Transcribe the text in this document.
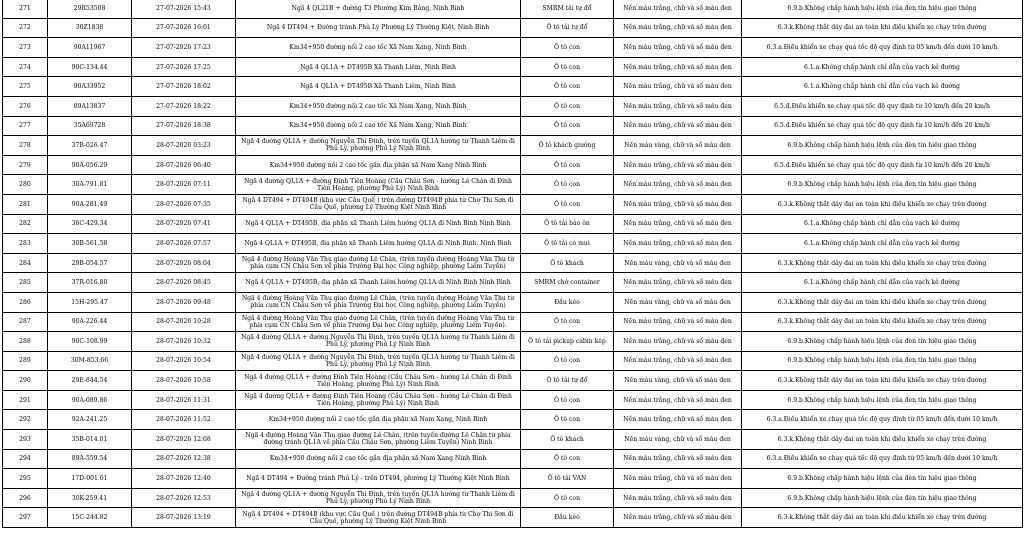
271	29R53508	27-07-2026 15:43	Ngã 4 QL21B + đường T3 Phường Kim Bảng, Ninh Bình	SMRM tải tự đổ	Nền màu trắng, chữ và số màu đen	6.9.b.Không chấp hành hiệu lệnh của đèn tín hiệu giao thông
272	30Z1838	27-07-2026 16:01	Ngã 4 DT494 + Đường tránh Phủ Lý Phường Lý Thường Kiệt, Ninh Bình	Ô tô tải tự đổ	Nền màu trắng, chữ và số màu đen	6.3.k.Không thắt dây đai an toàn khi điều khiển xe chạy trên đường
273	90A11967	27-07-2026 17:23	Km34+950 đường nối 2 cao tốc Xã Nam Xang, Ninh Bình	Ô tô con	Nền màu trắng, chữ và số màu đen	6.3.a.Điều khiển xe chạy quá tốc độ quy định từ 05 km/h đến dưới 10 km/h
274	90C-134.44	27-07-2026 17:25	Ngã 4 QL1A + DT495B Xã Thanh Liêm, Ninh Bình	Ô tô con	Nền màu trắng, chữ và số màu đen	6.1.a.Không chấp hành chỉ dẫn của vạch kẻ đường
275	90A33952	27-07-2026 18:02	Ngã 4 QL1A + DT495B Xã Thanh Liêm, Ninh Bình	Ô tô con	Nền màu trắng, chữ và số màu đen	6.1.a.Không chấp hành chỉ dẫn của vạch kẻ đường
276	89A13837	27-07-2026 18:22	Km34+950 đường nối 2 cao tốc Xã Nam Xang, Ninh Bình	Ô tô con	Nền màu trắng, chữ và số màu đen	6.5.đ.Điều khiển xe chạy quá tốc độ quy định từ 10 km/h đến 20 km/h
277	35A69728	27-07-2026 18:38	Km34+950 đường nối 2 cao tốc Xã Nam Xang, Ninh Bình	Ô tô con	Nền màu trắng, chữ và số màu đen	6.5.đ.Điều khiển xe chạy quá tốc độ quy định từ 10 km/h đến 20 km/h
278	37B-026.47	28-07-2026 03:23	Ngã 4 đường QL1A + đường Nguyễn Thị Định, trên tuyến QL1A hướng từ Thanh Liêm đi Phủ Lý, phường Phủ Lý Ninh Bình	Ô tô khách giường	Nền màu vàng, chữ và số màu đen	6.9.b.Không chấp hành hiệu lệnh của đèn tín hiệu giao thông
279	90A-056.29	28-07-2026 06:40	Km34+950 đường nối 2 cao tốc gần địa phận xã Nam Xang Ninh Bình	Ô tô con	Nền màu trắng, chữ và số màu đen	6.5.đ.Điều khiển xe chạy quá tốc độ quy định từ 10 km/h đến 20 km/h
280	30A-791.81	28-07-2026 07:11	Ngã 4 đường QL1A + đường Đinh Tiên Hoàng (Cầu Châu Sơn - hướng Lê Chân đi Đinh Tiên Hoàng, phường Phủ Lý) Ninh Bình	Ô tô con	Nền màu trắng, chữ và số màu đen	6.9.b.Không chấp hành hiệu lệnh của đèn tín hiệu giao thông
281	90A-281.49	28-07-2026 07:35	Ngã 4 DT494 + DT494B (khu vực Cầu Quế ) trên đường DT494B phía từ Chợ Thi Sơn đi Cầu Quế, phường Lý Thường Kiệt Ninh Bình	Ô tô con	Nền màu trắng, chữ và số màu đen	6.3.k.Không thắt dây đai an toàn khi điều khiển xe chạy trên đường
282	36C-429.34	28-07-2026 07:41	Ngã 4 QL1A + DT495B, địa phận xã Thanh Liêm hướng QL1A đi Ninh Bình Ninh Bình	Ô tô tải bảo ôn	Nền màu trắng, chữ và số màu đen	6.1.a.Không chấp hành chỉ dẫn của vạch kẻ đường
283	30B-561.58	28-07-2026 07:57	Ngã 4 QL1A + DT495B, địa phận xã Thanh Liêm hướng QL1A đi Ninh Bình. Ninh Bình	Ô tô tải có mui	Nền màu trắng, chữ và số màu đen	6.1.a.Không chấp hành chỉ dẫn của vạch kẻ đường
284	29B-054.57	28-07-2026 08:04	Ngã 4 đường Hoàng Văn Thụ giao đường Lê Chân, (trên tuyến đường Hoàng Văn Thụ từ phía cụm CN Châu Sơn về phía Trường Đại học Công nghiệp, phường Liêm Tuyền)	Ô tô khách	Nền màu vàng, chữ và số màu đen	6.3.k.Không thắt dây đai an toàn khi điều khiển xe chạy trên đường
285	37R-016.80	28-07-2026 08:45	Ngã 4 QL1A + DT495B, địa phận xã Thanh Liêm hướng QL1A đi Ninh Bình Ninh Bình	SMRM chở container	Nền màu trắng, chữ và số màu đen	6.1.a.Không chấp hành chỉ dẫn của vạch kẻ đường
286	15H-295.47	28-07-2026 09:48	Ngã 4 đường Hoàng Văn Thụ giao đường Lê Chân, (trên tuyến đường Hoàng Văn Thụ từ phía cụm CN Châu Sơn về phía Trường Đại học Công nghiệp, phường Liêm Tuyền)	Đầu kéo	Nền màu vàng, chữ và số màu đen	6.3.k.Không thắt dây đai an toàn khi điều khiển xe chạy trên đường
287	90A-226.44	28-07-2026 10:28	Ngã 4 đường Hoàng Văn Thụ giao đường Lê Chân, (trên tuyến đường Hoàng Văn Thụ từ phía cụm CN Châu Sơn về phía Trường Đại học Công nghiệp, phường Liêm Tuyền).	Ô tô con	Nền màu trắng, chữ và số màu đen	6.3.k.Không thắt dây đai an toàn khi điều khiển xe chạy trên đường
288	90C-108.99	28-07-2026 10:32	Ngã 4 đường QL1A + đường Nguyễn Thị Định, trên tuyến QL1A hướng từ Thanh Liêm đi Phủ Lý, phường Phủ Lý Ninh Bình	Ô tô tải pickup cabin kép	Nền màu trắng, chữ và số màu đen	6.9.b.Không chấp hành hiệu lệnh của đèn tín hiệu giao thông
289	30M-853.66	28-07-2026 10:54	Ngã 4 đường QL1A + đường Nguyễn Thị Định, trên tuyến QL1A hướng từ Thanh Liêm đi Phủ Lý, phường Phủ Lý Ninh Bình	Ô tô con	Nền màu trắng, chữ và số màu đen	6.9.b.Không chấp hành hiệu lệnh của đèn tín hiệu giao thông
290	29E-844.54	28-07-2026 10:58	Ngã 4 đường QL1A + đường Đinh Tiên Hoàng (Cầu Châu Sơn - hướng Lê Chân đi Đinh Tiên Hoàng, phường Phủ Lý) Ninh Bình	Ô tô tải tự đổ	Nền màu vàng, chữ và số màu đen	6.3.k.Không thắt dây đai an toàn khi điều khiển xe chạy trên đường
291	90A-089.86	28-07-2026 11:31	Ngã 4 đường QL1A + đường Đinh Tiên Hoàng (Cầu Châu Sơn - hướng Lê Chân đi Đinh Tiên Hoàng, phường Phủ Lý) Ninh Bình	Ô tô con	Nền màu trắng, chữ và số màu đen	6.9.b.Không chấp hành hiệu lệnh của đèn tín hiệu giao thông
292	92A-241.25	28-07-2026 11:52	Km34+950 đường nối 2 cao tốc gần địa phận xã Nam Xang, Ninh Bình	Ô tô con	Nền màu trắng, chữ và số màu đen	6.3.a.Điều khiển xe chạy quá tốc độ quy định từ 05 km/h đến dưới 10 km/h
293	35B-014.01	28-07-2026 12:08	Ngã 4 đường Hoàng Văn Thụ giao đường Lê Chân, (trên tuyến đường Lê Chân từ phía đường tránh QL1A về phía Cầu Châu Sơn, phường Liêm Tuyền) Ninh Bình	Ô tô khách	Nền màu vàng, chữ và số màu đen	6.3.k.Không thắt dây đai an toàn khi điều khiển xe chạy trên đường
294	89A-559.54	28-07-2026 12:38	Km34+950 đường nối 2 cao tốc gần địa phận xã Nam Xang Ninh Bình	Ô tô con	Nền màu trắng, chữ và số màu đen	6.3.a.Điều khiển xe chạy quá tốc độ quy định từ 05 km/h đến dưới 10 km/h
295	17D-001.61	28-07-2026 12:40	Ngã 4 DT494 + Đường tránh Phủ Lý - trên DT494, phường Lý Thường Kiệt Ninh Bình	Ô tô tải VAN	Nền màu trắng, chữ và số màu đen	6.9.b.Không chấp hành hiệu lệnh của đèn tín hiệu giao thông
296	30K-259.41	28-07-2026 12:53	Ngã 4 đường QL1A + đường Nguyễn Thị Định, trên tuyến QL1A hướng từ Thanh Liêm đi Phủ Lý, phường Phủ Lý Ninh Bình	Ô tô con	Nền màu trắng, chữ và số màu đen	6.9.b.Không chấp hành hiệu lệnh của đèn tín hiệu giao thông
297	15C-244.82	28-07-2026 13:19	Ngã 4 DT494 + DT494B (khu vực Cầu Quế ) trên đường DT494B phía từ Chợ Thi Sơn đi Cầu Quế, phường Lý Thường Kiệt Ninh Bình	Đầu kéo	Nền màu trắng, chữ và số màu đen	6.3.k.Không thắt dây đai an toàn khi điều khiển xe chạy trên đường
